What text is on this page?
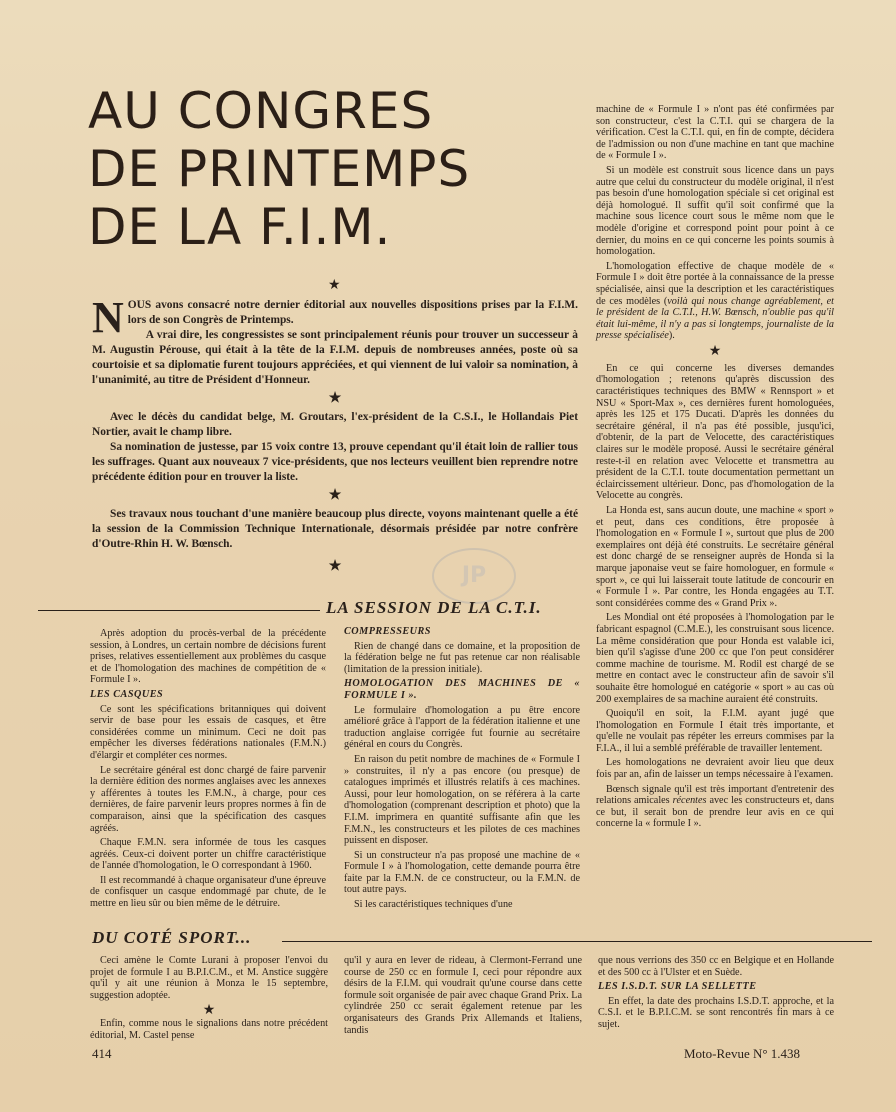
AU CONGRES
DE PRINTEMPS
DE LA F.I.M.
★

NOUS avons consacré notre dernier éditorial aux nouvelles dispositions prises par la F.I.M. lors de son Congrès de Printemps.

A vrai dire, les congressistes se sont principalement réunis pour trouver un successeur à M. Augustin Pérouse, qui était à la tête de la F.I.M. depuis de nombreuses années, poste où sa courtoisie et sa diplomatie furent toujours appréciées, et qui viennent de lui valoir sa nomination, à l'unanimité, au titre de Président d'Honneur.

★

Avec le décès du candidat belge, M. Groutars, l'ex-président de la C.S.I., le Hollandais Piet Nortier, avait le champ libre.

Sa nomination de justesse, par 15 voix contre 13, prouve cependant qu'il était loin de rallier tous les suffrages. Quant aux nouveaux 7 vice-présidents, que nos lecteurs veuillent bien reprendre notre précédente édition pour en trouver la liste.

★

Ses travaux nous touchant d'une manière beaucoup plus directe, voyons maintenant quelle a été la session de la Commission Technique Internationale, désormais présidée par notre confrère d'Outre-Rhin H. W. Bœnsch.

★	JP

machine de « Formule I » n'ont pas été confirmées par son constructeur, c'est la C.T.I. qui se chargera de la vérification. C'est la C.T.I. qui, en fin de compte, décidera de l'admission ou non d'une machine en tant que machine de « Formule I ».

Si un modèle est construit sous licence dans un pays autre que celui du constructeur du modèle original, il n'est pas besoin d'une homologation spéciale si cet original est déjà homologué. Il suffit qu'il soit confirmé que la machine sous licence court sous le même nom que le modèle d'origine et correspond point pour point à ce dernier, du moins en ce qui concerne les points soumis à homologation.

L'homologation effective de chaque modèle de « Formule I » doit être portée à la connaissance de la presse spécialisée, ainsi que la description et les caractéristiques de ces modèles (voilà qui nous change agréablement, et le président de la C.T.I., H.W. Bœnsch, n'oublie pas qu'il était lui-même, il n'y a pas si longtemps, journaliste de la presse spécialisée).

★

En ce qui concerne les diverses demandes d'homologation ; retenons qu'après discussion des caractéristiques techniques des BMW « Rennsport » et NSU « Sport-Max », ces dernières furent homologuées, après les 125 et 175 Ducati. D'après les données du secrétaire général, il n'a pas été possible, jusqu'ici, d'obtenir, de la part de Velocette, des caractéristiques claires sur le modèle proposé. Aussi le secrétaire général reste-t-il en relation avec Velocette et transmettra au président de la C.T.I. toute documentation permettant un éclaircissement ultérieur. Donc, pas d'homologation de la Velocette au congrès.

La Honda est, sans aucun doute, une machine « sport » et peut, dans ces conditions, être proposée à l'homologation en « Formule I », surtout que plus de 200 exemplaires ont déjà été construits. Le secrétaire général est donc chargé de se renseigner auprès de Honda si la marque japonaise veut se faire homologuer, en formule « sport », ce qui lui laisserait toute latitude de concourir en « Formule I ». Par contre, les Honda engagées au T.T. sont considérées comme des « Grand Prix ».

Les Mondial ont été proposées à l'homologation par le fabricant espagnol (C.M.E.), les construisant sous licence. La même considération que pour Honda est valable ici, bien qu'il s'agisse d'une 200 cc que l'on peut considérer comme machine de tourisme. M. Rodil est chargé de se mettre en contact avec le constructeur afin de savoir s'il souhaite être homologué en catégorie « sport » au cas où 200 exemplaires de sa machine auraient été construits.

Quoiqu'il en soit, la F.I.M. ayant jugé que l'homologation en Formule I était très importante, et qu'elle ne voulait pas répéter les erreurs commises par la F.I.A., il lui a semblé préférable de travailler lentement.

Les homologations ne devraient avoir lieu que deux fois par an, afin de laisser un temps nécessaire à l'examen.

Bœnsch signale qu'il est très important d'entretenir des relations amicales récentes avec les constructeurs et, dans ce but, il serait bon de prendre leur avis en ce qui concerne la « formule I ».

LA SESSION DE LA C.T.I.

Après adoption du procès-verbal de la précédente session, à Londres, un certain nombre de décisions furent prises, relatives essentiellement aux problèmes du casque et de l'homologation des machines de compétition de « Formule I ».

LES CASQUES

Ce sont les spécifications britanniques qui doivent servir de base pour les essais de casques, et être considérées comme un minimum. Ceci ne doit pas empêcher les diverses fédérations nationales (F.M.N.) d'élargir et compléter ces normes.

Le secrétaire général est donc chargé de faire parvenir la dernière édition des normes anglaises avec les annexes y afférentes à toutes les F.M.N., à charge, pour ces dernières, de faire parvenir leurs propres normes à fin de comparaison, ainsi que la spécification des casques agréés.

Chaque F.M.N. sera informée de tous les casques agréés. Ceux-ci doivent porter un chiffre caractéristique de l'année d'homologation, le O correspondant à 1960.

Il est recommandé à chaque organisateur d'une épreuve de confisquer un casque endommagé par chute, de le mettre en lieu sûr ou bien même de le détruire.

COMPRESSEURS

Rien de changé dans ce domaine, et la proposition de la fédération belge ne fut pas retenue car non réalisable (limitation de la pression initiale).

HOMOLOGATION DES MACHINES DE « FORMULE I ».

Le formulaire d'homologation a pu être encore amélioré grâce à l'apport de la fédération italienne et une traduction anglaise corrigée fut fournie au secrétaire général en cours du Congrès.

En raison du petit nombre de machines de « Formule I » construites, il n'y a pas encore (ou presque) de catalogues imprimés et illustrés relatifs à ces machines. Aussi, pour leur homologation, on se référera à la carte d'homologation (comprenant description et photo) que la F.I.M. imprimera en quantité suffisante afin que les F.M.N., les constructeurs et les pilotes de ces machines puissent en disposer.

Si un constructeur n'a pas proposé une machine de « Formule I » à l'homologation, cette demande pourra être faite par la F.M.N. de ce constructeur, ou la F.M.N. de tout autre pays.

Si les caractéristiques techniques d'une

DU COTÉ SPORT...

Ceci amène le Comte Lurani à proposer l'envoi du projet de formule I au B.P.I.C.M., et M. Anstice suggère qu'il y ait une réunion à Monza le 15 septembre, suggestion adoptée.

★

Enfin, comme nous le signalions dans notre précédent éditorial, M. Castel pense

qu'il y aura en lever de rideau, à Clermont-Ferrand une course de 250 cc en formule I, ceci pour répondre aux désirs de la F.I.M. qui voudrait qu'une course dans cette formule soit organisée de pair avec chaque Grand Prix. La cylindrée 250 cc serait également retenue par les organisateurs des Grands Prix Allemands et Italiens, tandis

que nous verrions des 350 cc en Belgique et en Hollande et des 500 cc à l'Ulster et en Suède.

LES I.S.D.T. SUR LA SELLETTE

En effet, la date des prochains I.S.D.T. approche, et la C.S.I. et le B.P.I.C.M. se sont rencontrés fin mars à ce sujet.

414	Moto-Revue N° 1.438
